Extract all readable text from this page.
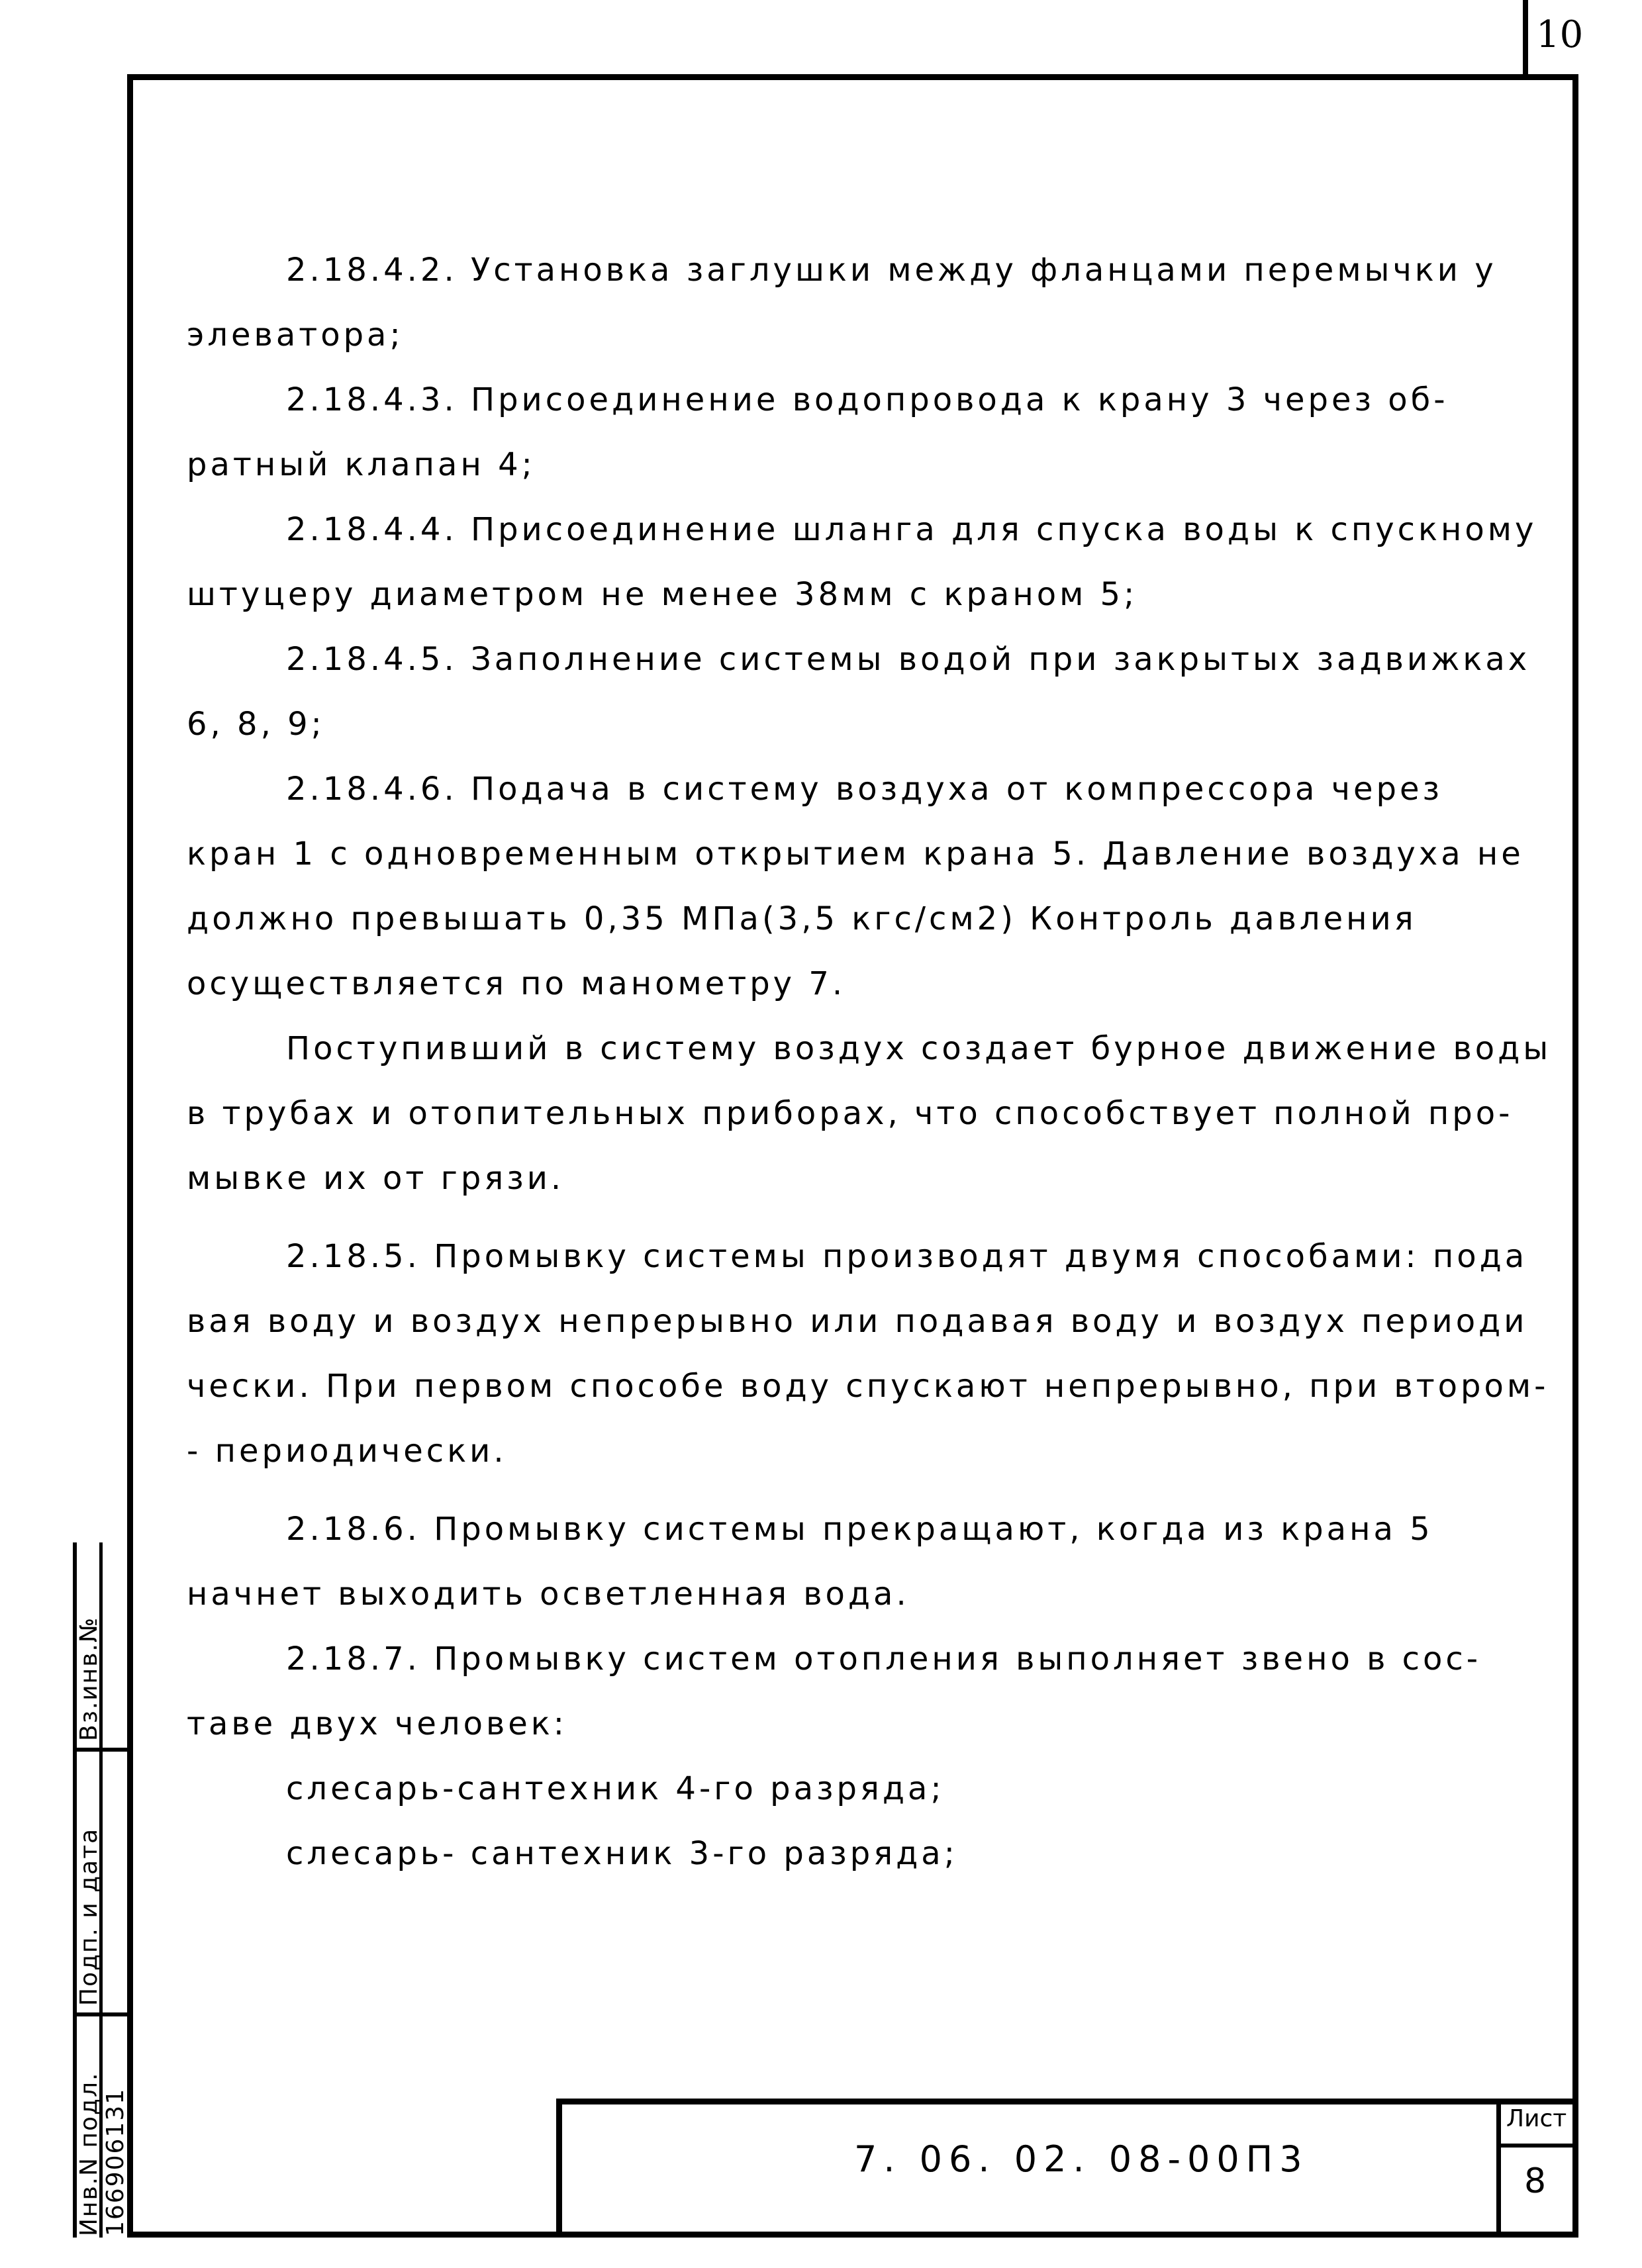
10
2.18.4.2. Установка заглушки между фланцами перемычки у
элеватора;
2.18.4.3. Присоединение водопровода к крану 3 через об-
ратный клапан 4;
2.18.4.4. Присоединение шланга для спуска воды к спускному
штуцеру диаметром не менее 38мм с краном 5;
2.18.4.5. Заполнение системы водой при закрытых задвижках
6, 8, 9;
2.18.4.6. Подача в систему воздуха от компрессора через
кран 1 с одновременным открытием крана 5. Давление воздуха не
должно превышать 0,35 МПа(3,5 кгс/см2) Контроль давления
осуществляется по манометру 7.
Поступивший в систему воздух создает бурное движение воды
в трубах и отопительных приборах, что способствует полной про-
мывке их от грязи.
2.18.5. Промывку системы производят двумя способами: пода
вая воду и воздух непрерывно или подавая воду и воздух периоди
чески. При первом способе воду спускают непрерывно, при втором-
- периодически.
2.18.6. Промывку системы прекращают, когда из крана 5
начнет выходить осветленная вода.
2.18.7. Промывку систем отопления выполняет звено в сос-
таве двух человек:
слесарь-сантехник 4-го разряда;
слесарь- сантехник 3-го разряда;
Вз.инв.№
Подп. и дата
Инв.N подл. 166906131	7. 06. 02. 08-00П3
Лист
8
